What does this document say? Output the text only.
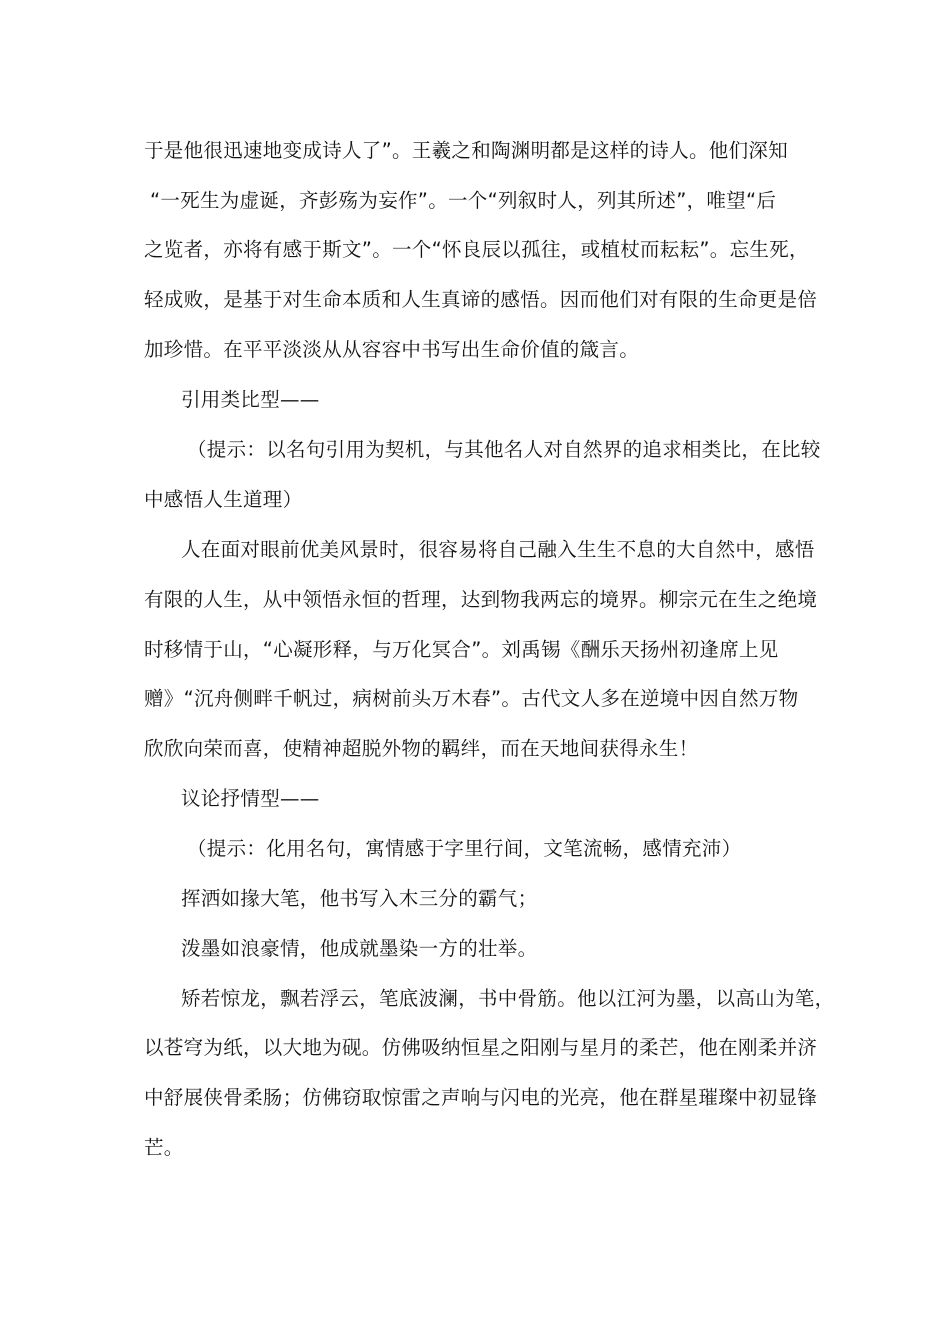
于是他很迅速地变成诗人了”。王羲之和陶渊明都是这样的诗人。他们深知
“一死生为虚诞，齐彭殇为妄作”。一个“列叙时人，列其所述”，唯望“后
之览者，亦将有感于斯文”。一个“怀良辰以孤往，或植杖而耘耘”。忘生死，
轻成败，是基于对生命本质和人生真谛的感悟。因而他们对有限的生命更是倍
加珍惜。在平平淡淡从从容容中书写出生命价值的箴言。
引用类比型——
（提示：以名句引用为契机，与其他名人对自然界的追求相类比，在比较
中感悟人生道理）
人在面对眼前优美风景时，很容易将自己融入生生不息的大自然中，感悟
有限的人生，从中领悟永恒的哲理，达到物我两忘的境界。柳宗元在生之绝境
时移情于山，“心凝形释，与万化冥合”。刘禹锡《酬乐天扬州初逢席上见
赠》“沉舟侧畔千帆过，病树前头万木春”。古代文人多在逆境中因自然万物
欣欣向荣而喜，使精神超脱外物的羁绊，而在天地间获得永生！
议论抒情型——
（提示：化用名句，寓情感于字里行间，文笔流畅，感情充沛）
挥洒如掾大笔，他书写入木三分的霸气；
泼墨如浪豪情，他成就墨染一方的壮举。
矫若惊龙，飘若浮云，笔底波澜，书中骨筋。他以江河为墨，以高山为笔，
以苍穹为纸，以大地为砚。仿佛吸纳恒星之阳刚与星月的柔芒，他在刚柔并济
中舒展侠骨柔肠；仿佛窃取惊雷之声响与闪电的光亮，他在群星璀璨中初显锋
芒。
